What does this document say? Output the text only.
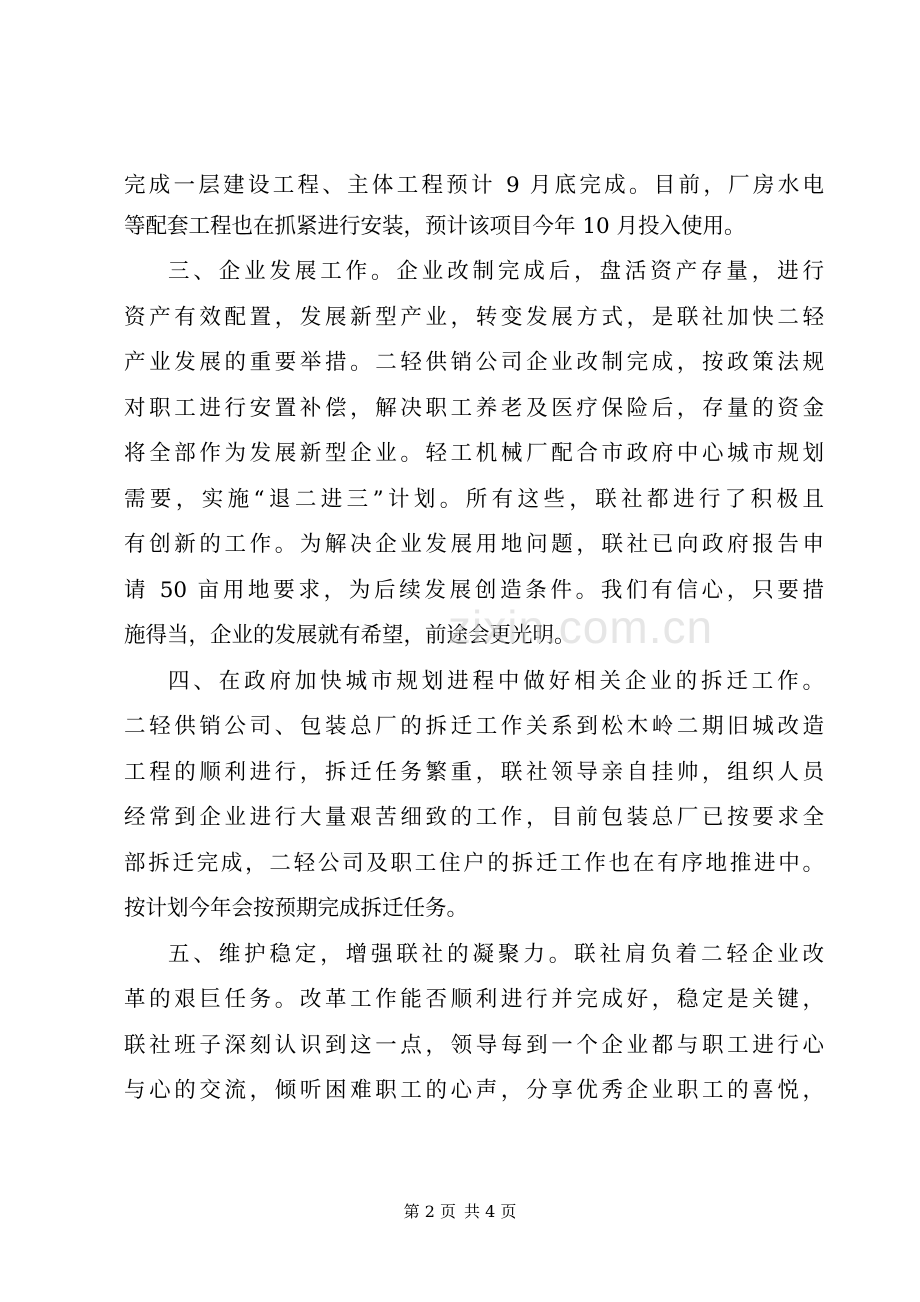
完成一层建设工程、主体工程预计 9 月底完成。目前，厂房水电
等配套工程也在抓紧进行安装，预计该项目今年 10 月投入使用。
三、企业发展工作。企业改制完成后，盘活资产存量，进行
资产有效配置，发展新型产业，转变发展方式，是联社加快二轻
产业发展的重要举措。二轻供销公司企业改制完成，按政策法规
对职工进行安置补偿，解决职工养老及医疗保险后，存量的资金
将全部作为发展新型企业。轻工机械厂配合市政府中心城市规划
需要，实施“退二进三”计划。所有这些，联社都进行了积极且
有创新的工作。为解决企业发展用地问题，联社已向政府报告申
请 50 亩用地要求，为后续发展创造条件。我们有信心，只要措
施得当，企业的发展就有希望，前途会更光明。
四、在政府加快城市规划进程中做好相关企业的拆迁工作。
二轻供销公司、包装总厂的拆迁工作关系到松木岭二期旧城改造
工程的顺利进行，拆迁任务繁重，联社领导亲自挂帅，组织人员
经常到企业进行大量艰苦细致的工作，目前包装总厂已按要求全
部拆迁完成，二轻公司及职工住户的拆迁工作也在有序地推进中。
按计划今年会按预期完成拆迁任务。
五、维护稳定，增强联社的凝聚力。联社肩负着二轻企业改
革的艰巨任务。改革工作能否顺利进行并完成好，稳定是关键，
联社班子深刻认识到这一点，领导每到一个企业都与职工进行心
与心的交流，倾听困难职工的心声，分享优秀企业职工的喜悦，
zixin.com.cn
第 2 页 共 4 页
